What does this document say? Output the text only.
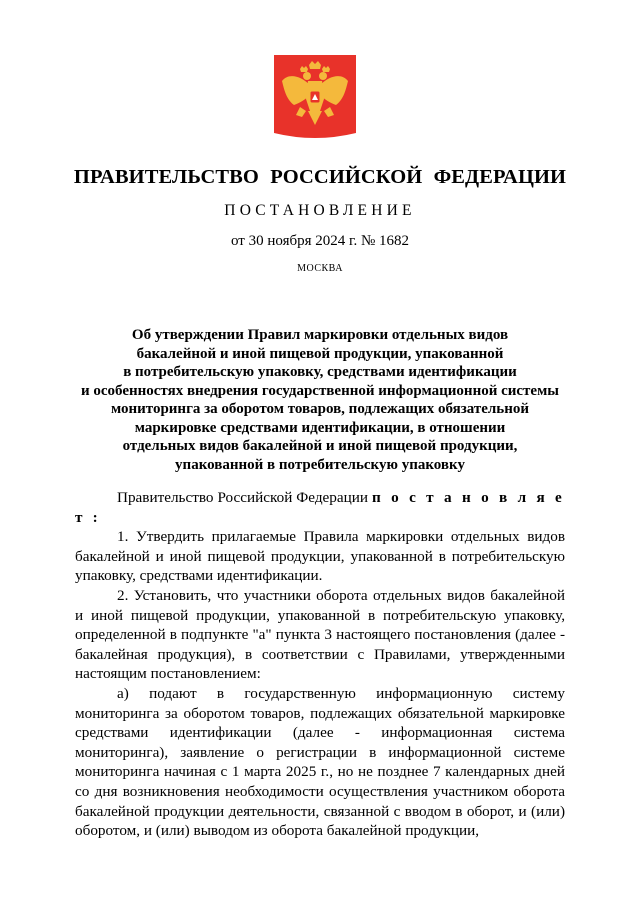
ПРАВИТЕЛЬСТВО РОССИЙСКОЙ ФЕДЕРАЦИИ
ПОСТАНОВЛЕНИЕ
от 30 ноября 2024 г. № 1682
МОСКВА
Об утверждении Правил маркировки отдельных видов
бакалейной и иной пищевой продукции, упакованной
в потребительскую упаковку, средствами идентификации
и особенностях внедрения государственной информационной системы
мониторинга за оборотом товаров, подлежащих обязательной
маркировке средствами идентификации, в отношении
отдельных видов бакалейной и иной пищевой продукции,
упакованной в потребительскую упаковку

Правительство Российской Федерации п о с т а н о в л я е т :

1. Утвердить прилагаемые Правила маркировки отдельных видов бакалейной и иной пищевой продукции, упакованной в потребительскую упаковку, средствами идентификации.

2. Установить, что участники оборота отдельных видов бакалейной и иной пищевой продукции, упакованной в потребительскую упаковку, определенной в подпункте "а" пункта 3 настоящего постановления (далее - бакалейная продукция), в соответствии с Правилами, утвержденными настоящим постановлением:

а) подают в государственную информационную систему мониторинга за оборотом товаров, подлежащих обязательной маркировке средствами идентификации (далее - информационная система мониторинга), заявление о регистрации в информационной системе мониторинга начиная с 1 марта 2025 г., но не позднее 7 календарных дней со дня возникновения необходимости осуществления участником оборота бакалейной продукции деятельности, связанной с вводом в оборот, и (или) оборотом, и (или) выводом из оборота бакалейной продукции,
